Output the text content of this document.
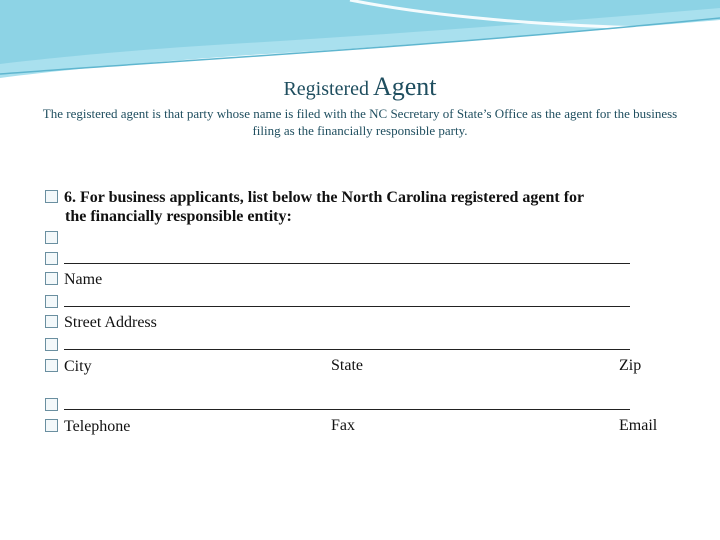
Registered Agent
The registered agent is that party whose name is filed with the NC Secretary of State’s Office as the agent for the business filing as the financially responsible party.
6. For business applicants, list below the North Carolina registered agent for
the financially responsible entity:
Name
Street Address
City	State	Zip
Telephone	Fax	Email
